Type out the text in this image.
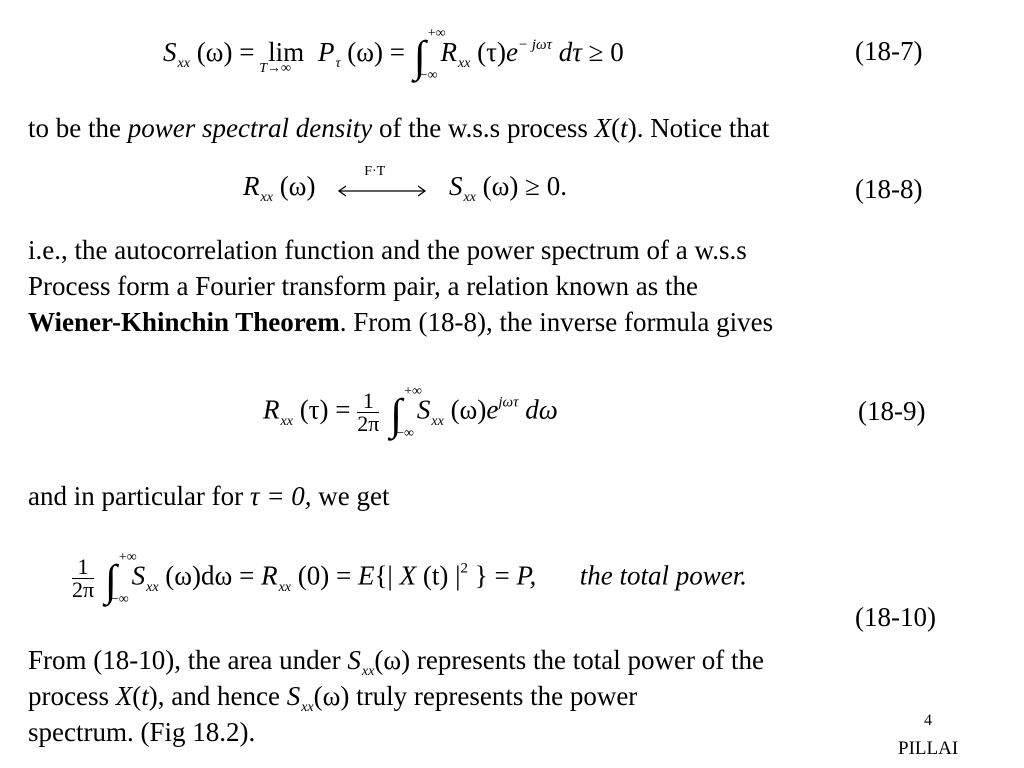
$S_{xx}$ (ω) = lim
T→∞
$P_\tau$ (ω) = ∫ +∞
−∞
$R_{xx}$ $(\tau)e^{- j\omega\tau}$ dτ ≥ 0	(18-7)
to be the power spectral density of the w.s.s process X(t). Notice that
$R_{xx}$ (ω)	F·T $S_{xx}$ (ω) ≥ 0.	(18-8)
i.e., the autocorrelation function and the power spectrum of a w.s.s
Process form a Fourier transform pair, a relation known as the
Wiener-Khinchin Theorem. From (18-8), the inverse formula gives
$R_{xx}$ $(\tau) = \frac{1}{2\pi}$ ∫ +∞
−∞
$S_{xx}$ $(\omega)e^{j\omega\tau}$ dω	(18-9)
and in particular for τ = 0, we get
$\frac{1}{2\pi}$ ∫ +∞
−∞
$S_{xx}$ $(\omega)d\omega = R_{xx}$ (0) = E{| X (t) $|^2$ } = P, the total power.
(18-10)
From (18-10), the area under $S_{xx}(\omega)$ represents the total power of the
process X(t), and hence $S_{xx}(\omega)$ truly represents the power
spectrum. (Fig 18.2).	4
PILLAI
